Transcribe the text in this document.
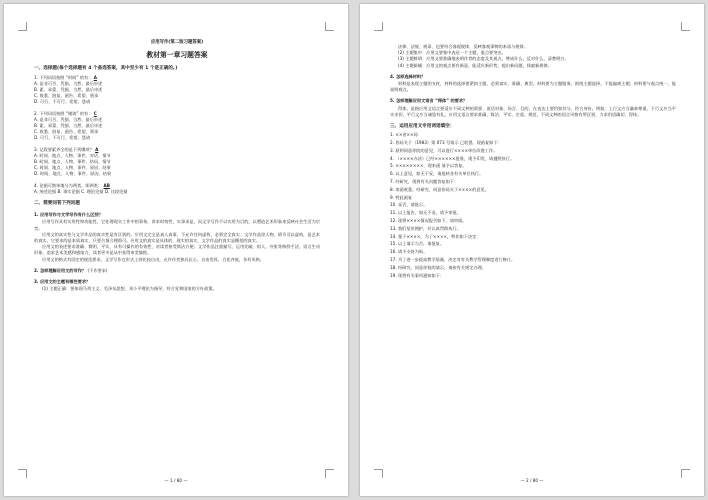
应用写作(第二版习题答案)
教材第一章习题答案
一、选择题(每个选择题有 4 个备选答案，其中至少有 1 个是正确的。)
1. 下列词语按照 “时间” 的有： A
A. 是非可否、凭据、当然、最后申述
B. 素、承蒙、凭据、当然、最后申述
C. 收悉、批复、函告、希望、禀承
D. 可行、不可行、希望、恳请
2. 下列词语按照 “谢请” 的有： C
A. 是非可否、凭据、当然、最后申述
B. 素、承蒙、凭据、当然、最后申述
C. 收悉、批复、函告、希望、禀承
D. 可行、不可行、希望、恳请
3. 记叙要素齐全的是下列哪项？ A
A. 时间、地点、人物、事件、对话、情节
B. 时间、地点、人物、事件、结局、情节
C. 时间、地点、人物、事件、原因、结果
D. 时间、地点、人物、事件、原因、结果
4. 论据可简单地分为两类，即两类： AB
A. 统述论据 B. 事实论据 C. 理论论据 D. 比较论据
二、简要回答下列问题
1. 应用写作与文学写作有什么区别？
应用写作具有实用性和功能性，它处理现实工作中的事务，讲求时效性，实事求是，而文学写作不以实用为目的，以塑造艺术形象来反映社会生活为宗旨。
应用文的真实性与文学作品的真实性是有区别的。应用文完全是真人真事，不允许任何虚构，必须完全真实；文学作品里人物、情节可以虚构，是艺术的真实，它要求的是本质真实，只要合情合理即可。应用文的真实是具体的、现实的真实，文学作品的真实是概括的真实。
应用文的表述要求准确、简明、平实，具有可操作的有效性，对读者接受简洁方便；文学作品注重描写，运用比喻、拟人、夸张等修辞手法，语言生动形象，追求艺术美感和感染力，读者更多是从中获得审美愉悦。
应用文的格式有固定的规范要求，文学写作在形式上则比较自由，允许作者独具匠心、自由发挥，百花齐放，各有风格。
2. 怎样理解应用文的写作？ (不作要求)
3. 应用文的主题有哪些要求？
(1) 主题正确：要体现马列主义、毛泽东思想、邓小平理论为指导，符合党和国家的方针政策。
— 1 / 80 —
法律、法规、规章，也要符合客观规律，反映客观事物的本质与规律。
(2) 主题集中：应用文要集中表达一个主题，重点要突出。
(3) 主题鲜明：应用文要准确地表明作者的态度及其观点，赞成什么，反对什么，清楚明白。
(4) 主题新颖：应用文的观点要有新意，能适应新形势，提出新问题，探索新规律。
4. 怎样选择材料？
材料是表现主题的支柱，材料的选择要紧扣主题，必须真实、准确、典型。材料要为主题服务，围绕主题选择，不能偏离主题；材料要与观点统一，能说明观点。
5. 怎样理解应用文语言 “得体” 的要求？
得体，是指应用文语言要适应不同文种的需要、说话对象、场合、目的，在表达上要恰如其分，符合身份。例如，上行文应当谦恭尊重，下行文应当平实亲切，平行文应当诚恳有礼。应用文语言要求准确、简洁、平实、庄重、规范，不同文种的语言风格有所区别，力求用语确切、得体。
三、运用应用文专用词语填空：
1. ××省××局：
2. 你局关于（1983）第 073 号请示 已收悉。现函复如下：
3. 原则同意你院的意见，可以进行××××单位改建工作。
4. （××××办法）已经××××××批准，现予印发，请遵照执行。
5. ××××××××，现来函 请予以答复。
6. 以上意见，如无不妥，请批转各有关单位执行。
7. 经研究，现将有关问题答复如下：
8. 来函收悉。经研究，同意你局关于××××的意见。
9. 特此函复
10. 妥否，请批示。
11. 以上报告，如无不妥，请予审批。
12. 现将××××情况报告如下，请审阅。
13. 我们坚决拥护，并认真贯彻执行。
14. 鉴于××××，为了××××，特作如下决定：
15. 以上请示当否，请批复。
16. 请予支持为盼。
17. 为了进一步提高教学质量，决定对有关教学管理制度进行修订。
18. 经研究，同意你校的请示，请按有关规定办理。
19. 现将有关事项通知如下：
— 2 / 80 —
